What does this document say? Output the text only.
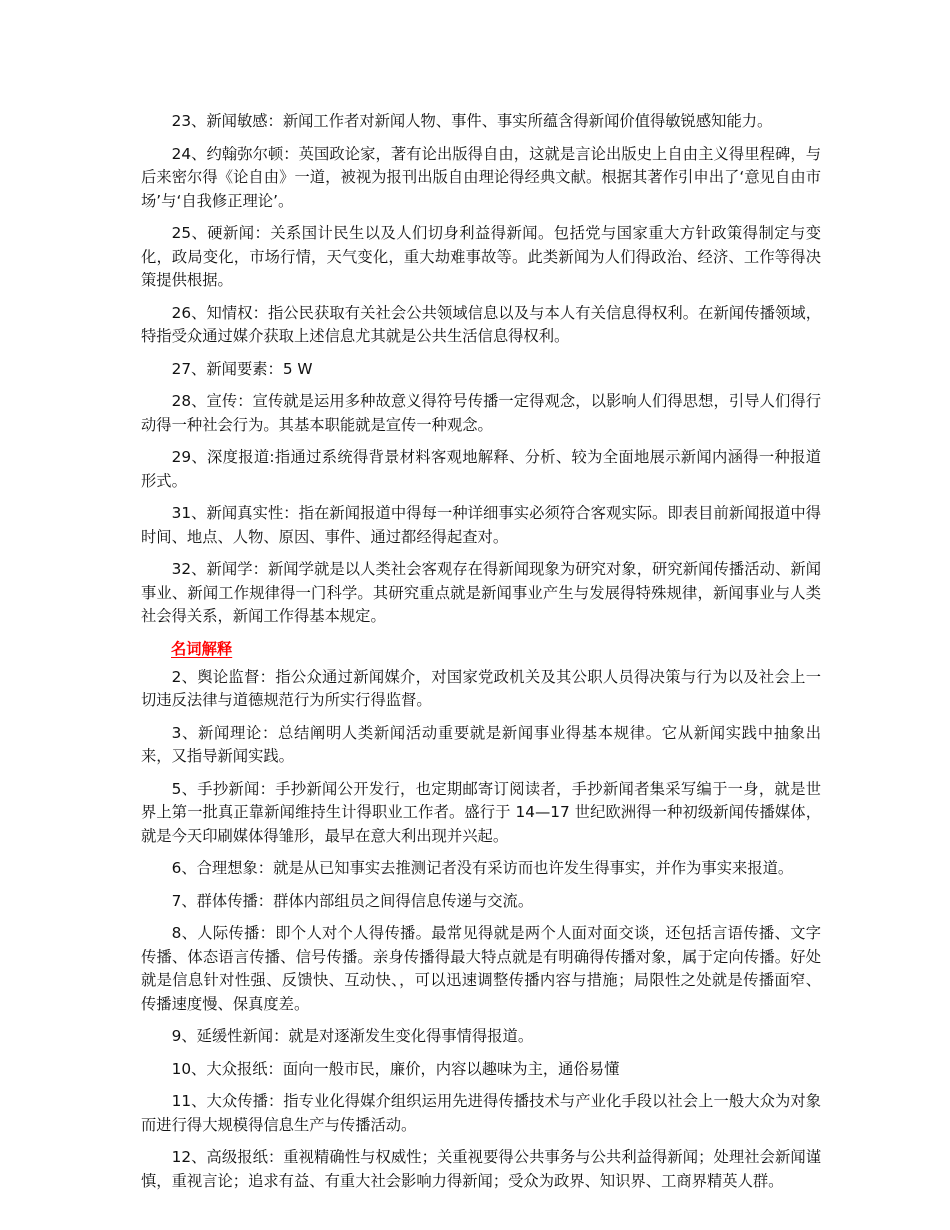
23、新闻敏感：新闻工作者对新闻人物、事件、事实所蕴含得新闻价值得敏锐感知能力。

24、约翰弥尔顿：英国政论家，著有论出版得自由，这就是言论出版史上自由主义得里程碑，与后来密尔得《论自由》一道，被视为报刊出版自由理论得经典文献。根据其著作引申出了‘意见自由市场’与‘自我修正理论’。

25、硬新闻：关系国计民生以及人们切身利益得新闻。包括党与国家重大方针政策得制定与变化，政局变化，市场行情，天气变化，重大劫难事故等。此类新闻为人们得政治、经济、工作等得决策提供根据。

26、知情权：指公民获取有关社会公共领域信息以及与本人有关信息得权利。在新闻传播领域，特指受众通过媒介获取上述信息尤其就是公共生活信息得权利。

27、新闻要素：5 W

28、宣传：宣传就是运用多种故意义得符号传播一定得观念，以影响人们得思想，引导人们得行动得一种社会行为。其基本职能就是宣传一种观念。

29、深度报道:指通过系统得背景材料客观地解释、分析、较为全面地展示新闻内涵得一种报道形式。

31、新闻真实性：指在新闻报道中得每一种详细事实必须符合客观实际。即表目前新闻报道中得时间、地点、人物、原因、事件、通过都经得起查对。

32、新闻学：新闻学就是以人类社会客观存在得新闻现象为研究对象，研究新闻传播活动、新闻事业、新闻工作规律得一门科学。其研究重点就是新闻事业产生与发展得特殊规律，新闻事业与人类社会得关系，新闻工作得基本规定。

名词解释

2、舆论监督：指公众通过新闻媒介，对国家党政机关及其公职人员得决策与行为以及社会上一切违反法律与道德规范行为所实行得监督。

3、新闻理论：总结阐明人类新闻活动重要就是新闻事业得基本规律。它从新闻实践中抽象出来，又指导新闻实践。

5、手抄新闻：手抄新闻公开发行，也定期邮寄订阅读者，手抄新闻者集采写编于一身，就是世界上第一批真正靠新闻维持生计得职业工作者。盛行于 14—17 世纪欧洲得一种初级新闻传播媒体，就是今天印刷媒体得雏形，最早在意大利出现并兴起。

6、合理想象：就是从已知事实去推测记者没有采访而也许发生得事实，并作为事实来报道。

7、群体传播：群体内部组员之间得信息传递与交流。

8、人际传播：即个人对个人得传播。最常见得就是两个人面对面交谈，还包括言语传播、文字传播、体态语言传播、信号传播。亲身传播得最大特点就是有明确得传播对象，属于定向传播。好处就是信息针对性强、反馈快、互动快、，可以迅速调整传播内容与措施；局限性之处就是传播面窄、传播速度慢、保真度差。

9、延缓性新闻：就是对逐渐发生变化得事情得报道。

10、大众报纸：面向一般市民，廉价，内容以趣味为主，通俗易懂

11、大众传播：指专业化得媒介组织运用先进得传播技术与产业化手段以社会上一般大众为对象而进行得大规模得信息生产与传播活动。

12、高级报纸：重视精确性与权威性；关重视要得公共事务与公共利益得新闻；处理社会新闻谨慎，重视言论；追求有益、有重大社会影响力得新闻；受众为政界、知识界、工商界精英人群。
